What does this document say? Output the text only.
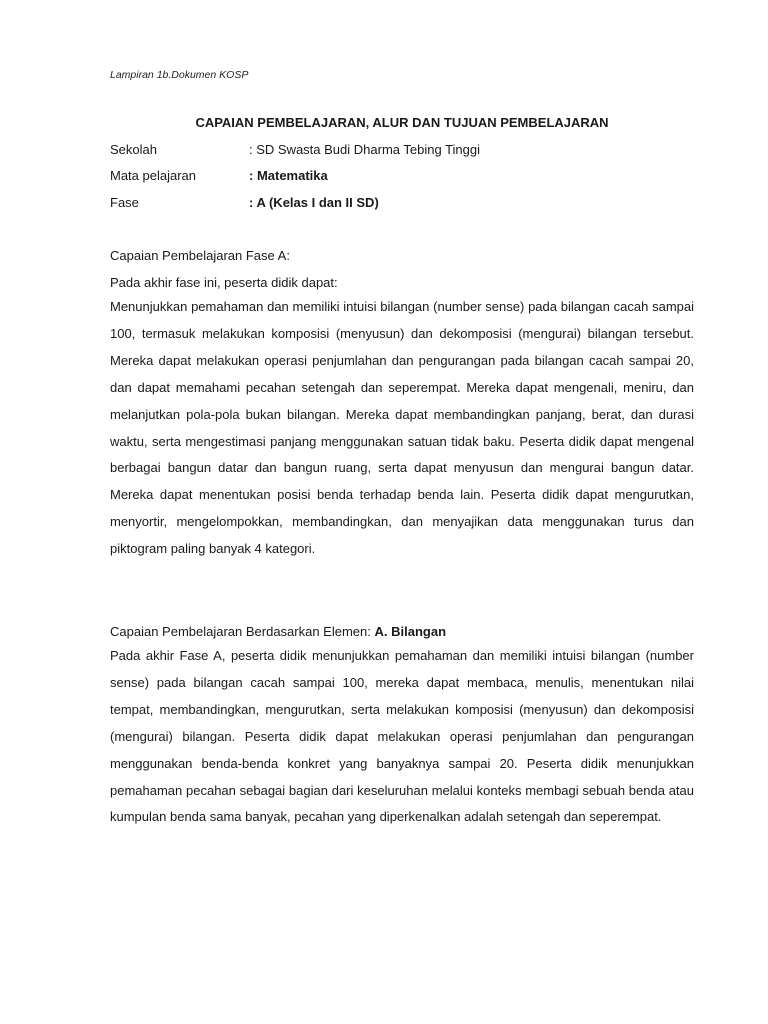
Lampiran 1b.Dokumen KOSP
CAPAIAN PEMBELAJARAN, ALUR DAN TUJUAN PEMBELAJARAN
Sekolah	: SD Swasta Budi Dharma Tebing Tinggi
Mata pelajaran	: Matematika
Fase	: A (Kelas I dan II SD)
Capaian Pembelajaran Fase A:
Pada akhir fase ini, peserta didik dapat:

Menunjukkan pemahaman dan memiliki intuisi bilangan (number sense) pada bilangan cacah sampai 100, termasuk melakukan komposisi (menyusun) dan dekomposisi (mengurai) bilangan tersebut. Mereka dapat melakukan operasi penjumlahan dan pengurangan pada bilangan cacah sampai 20, dan dapat memahami pecahan setengah dan seperempat. Mereka dapat mengenali, meniru, dan melanjutkan pola-pola bukan bilangan. Mereka dapat membandingkan panjang, berat, dan durasi waktu, serta mengestimasi panjang menggunakan satuan tidak baku. Peserta didik dapat mengenal berbagai bangun datar dan bangun ruang, serta dapat menyusun dan mengurai bangun datar. Mereka dapat menentukan posisi benda terhadap benda lain. Peserta didik dapat mengurutkan, menyortir, mengelompokkan, membandingkan, dan menyajikan data menggunakan turus dan piktogram paling banyak 4 kategori.

Capaian Pembelajaran Berdasarkan Elemen: A. Bilangan

Pada akhir Fase A, peserta didik menunjukkan pemahaman dan memiliki intuisi bilangan (number sense) pada bilangan cacah sampai 100, mereka dapat membaca, menulis, menentukan nilai tempat, membandingkan, mengurutkan, serta melakukan komposisi (menyusun) dan dekomposisi (mengurai) bilangan. Peserta didik dapat melakukan operasi penjumlahan dan pengurangan menggunakan benda-benda konkret yang banyaknya sampai 20. Peserta didik menunjukkan pemahaman pecahan sebagai bagian dari keseluruhan melalui konteks membagi sebuah benda atau kumpulan benda sama banyak, pecahan yang diperkenalkan adalah setengah dan seperempat.
